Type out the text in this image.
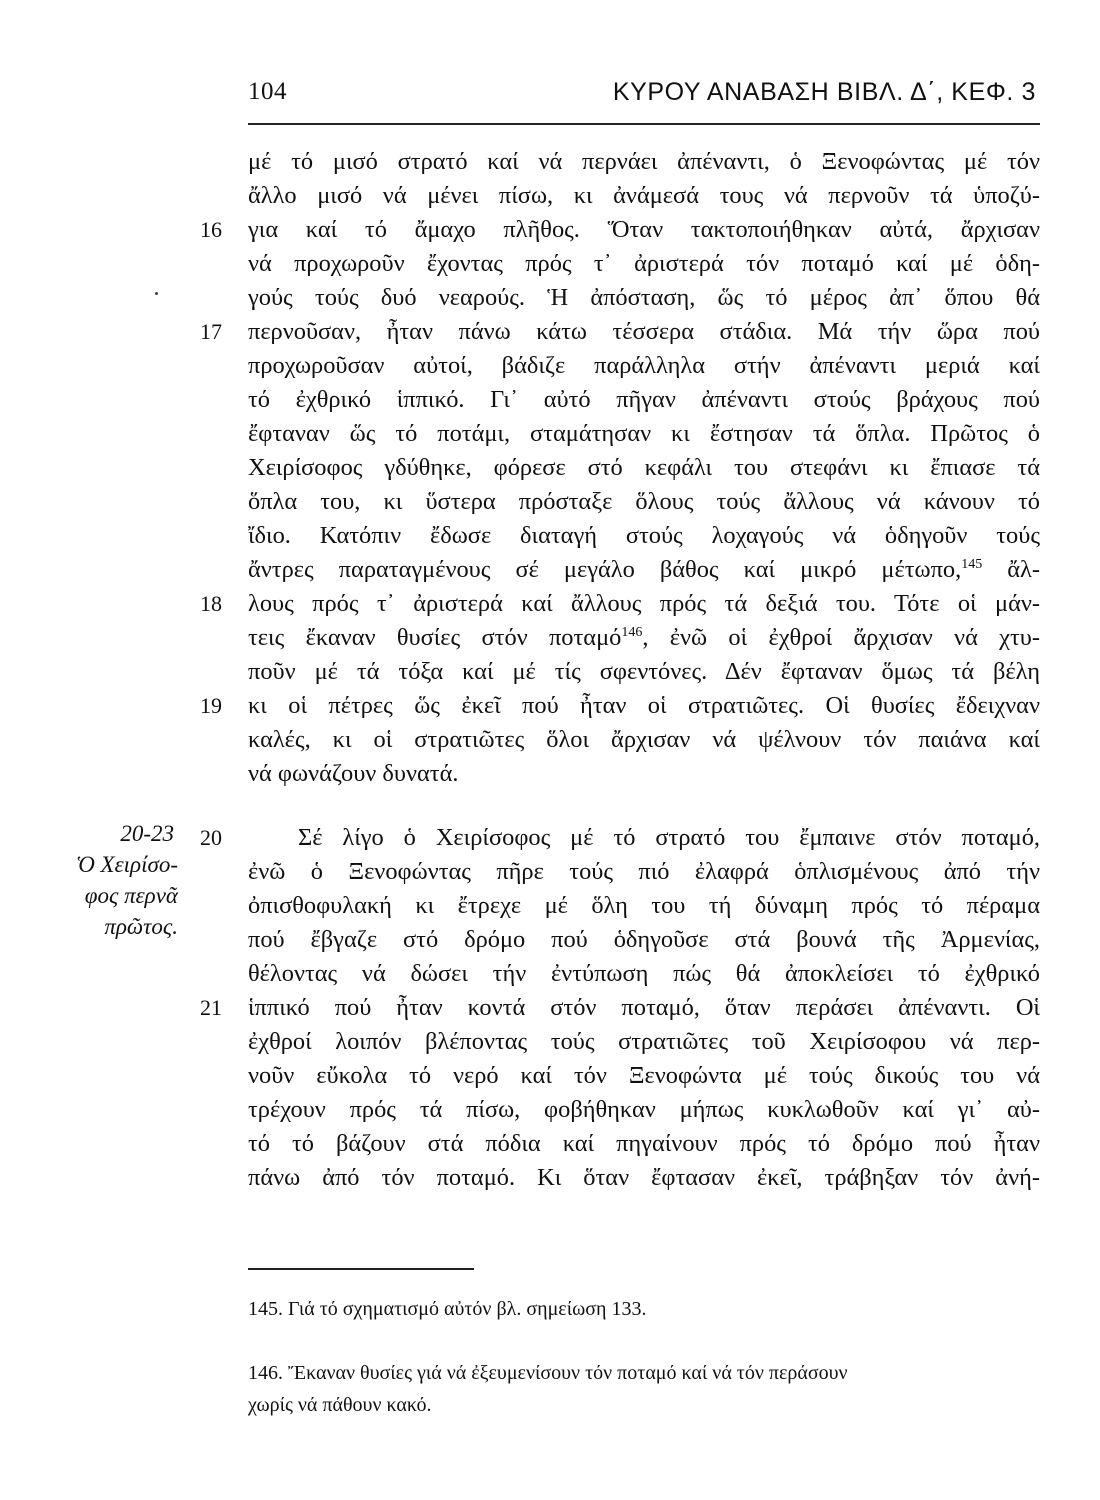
104	ΚΥΡΟΥ ΑΝΑΒΑΣΗ ΒΙΒΛ. Δ΄, ΚΕΦ. 3
μέ τό μισό στρατό καί νά περνάει ἀπέναντι, ὁ Ξενοφώντας μέ τόν
ἄλλο μισό νά μένει πίσω, κι ἀνάμεσά τους νά περνοῦν τά ὑποζύ-
για καί τό ἄμαχο πλῆθος. Ὅταν τακτοποιήθηκαν αὐτά, ἄρχισαν
νά προχωροῦν ἔχοντας πρός τ᾽ ἀριστερά τόν ποταμό καί μέ ὁδη-
γούς τούς δυό νεαρούς. Ἡ ἀπόσταση, ὥς τό μέρος ἀπ᾽ ὅπου θά
περνοῦσαν, ἦταν πάνω κάτω τέσσερα στάδια. Μά τήν ὥρα πού
προχωροῦσαν αὐτοί, βάδιζε παράλληλα στήν ἀπέναντι μεριά καί
τό ἐχθρικό ἱππικό. Γι᾽ αὐτό πῆγαν ἀπέναντι στούς βράχους πού
ἔφταναν ὥς τό ποτάμι, σταμάτησαν κι ἔστησαν τά ὅπλα. Πρῶτος ὁ
Χειρίσοφος γδύθηκε, φόρεσε στό κεφάλι του στεφάνι κι ἔπιασε τά
ὅπλα του, κι ὕστερα πρόσταξε ὅλους τούς ἄλλους νά κάνουν τό
ἴδιο. Κατόπιν ἔδωσε διαταγή στούς λοχαγούς νά ὁδηγοῦν τούς
ἄντρες παραταγμένους σέ μεγάλο βάθος καί μικρό μέτωπο,$^{145}$ ἄλ-
λους πρός τ᾽ ἀριστερά καί ἄλλους πρός τά δεξιά του. Τότε οἱ μάν-
τεις ἔκαναν θυσίες στόν ποταμό$^{146}$, ἐνῶ οἱ ἐχθροί ἄρχισαν νά χτυ-
ποῦν μέ τά τόξα καί μέ τίς σφεντόνες. Δέν ἔφταναν ὅμως τά βέλη
κι οἱ πέτρες ὥς ἐκεῖ πού ἦταν οἱ στρατιῶτες. Οἱ θυσίες ἔδειχναν
καλές, κι οἱ στρατιῶτες ὅλοι ἄρχισαν νά ψέλνουν τόν παιάνα καί
νά φωνάζουν δυνατά.
Σέ λίγο ὁ Χειρίσοφος μέ τό στρατό του ἔμπαινε στόν ποταμό,
ἐνῶ ὁ Ξενοφώντας πῆρε τούς πιό ἐλαφρά ὁπλισμένους ἀπό τήν
ὀπισθοφυλακή κι ἔτρεχε μέ ὅλη του τή δύναμη πρός τό πέραμα
πού ἔβγαζε στό δρόμο πού ὁδηγοῦσε στά βουνά τῆς Ἀρμενίας,
θέλοντας νά δώσει τήν ἐντύπωση πώς θά ἀποκλείσει τό ἐχθρικό
ἱππικό πού ἦταν κοντά στόν ποταμό, ὅταν περάσει ἀπέναντι. Οἱ
ἐχθροί λοιπόν βλέποντας τούς στρατιῶτες τοῦ Χειρίσοφου νά περ-
νοῦν εὔκολα τό νερό καί τόν Ξενοφώντα μέ τούς δικούς του νά
τρέχουν πρός τά πίσω, φοβήθηκαν μήπως κυκλωθοῦν καί γι᾽ αὐ-
τό τό βάζουν στά πόδια καί πηγαίνουν πρός τό δρόμο πού ἦταν
πάνω ἀπό τόν ποταμό. Κι ὅταν ἔφτασαν ἐκεῖ, τράβηξαν τόν ἀνή-
16
17
18
19
20
21
20-23
Ὁ Χειρίσο-
φος περνᾶ
πρῶτος.
145. Γιά τό σχηματισμό αὐτόν βλ. σημείωση 133.
146. Ἔκαναν θυσίες γιά νά ἐξευμενίσουν τόν ποταμό καί νά τόν περάσουν
χωρίς νά πάθουν κακό.
